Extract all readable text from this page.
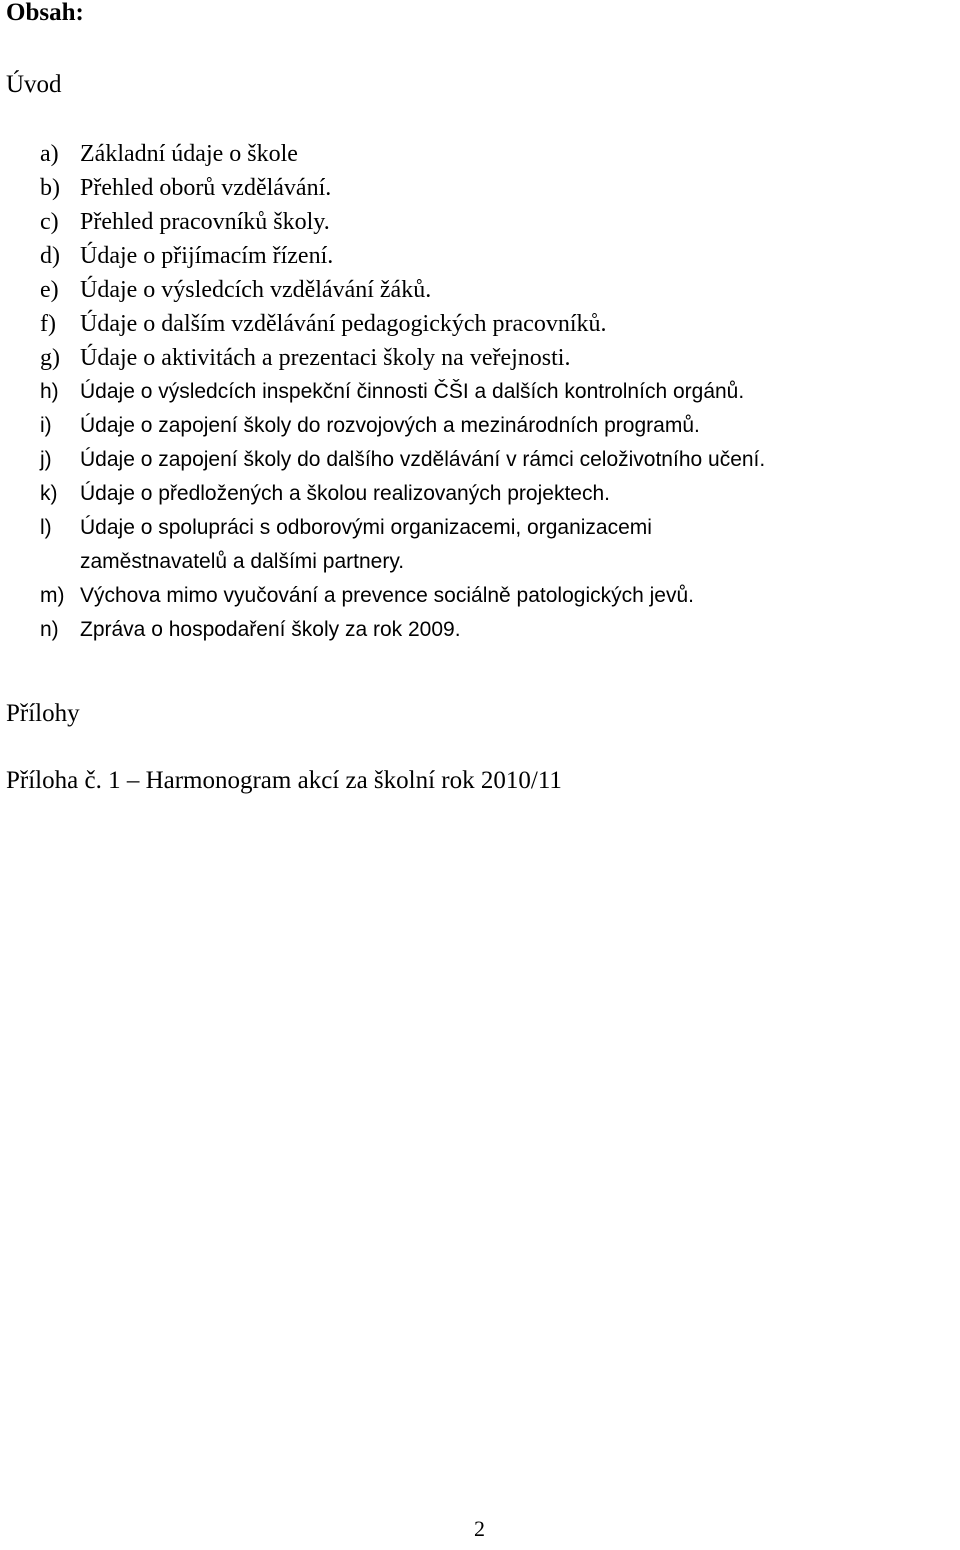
Obsah:
Úvod
a) Základní údaje o škole
b) Přehled oborů vzdělávání.
c) Přehled pracovníků školy.
d) Údaje o přijímacím řízení.
e) Údaje o výsledcích vzdělávání žáků.
f) Údaje o dalším vzdělávání pedagogických pracovníků.
g) Údaje o aktivitách a prezentaci školy na veřejnosti.
h) Údaje o výsledcích inspekční činnosti ČŠI a dalších kontrolních orgánů.
i) Údaje o zapojení školy do rozvojových a mezinárodních programů.
j) Údaje o zapojení školy do dalšího vzdělávání v rámci celoživotního učení.
k) Údaje o předložených a školou realizovaných projektech.
l) Údaje o spolupráci s odborovými organizacemi, organizacemi
zaměstnavatelů a dalšími partnery.
m) Výchova mimo vyučování a prevence sociálně patologických jevů.
n) Zpráva o hospodaření školy za rok 2009.
Přílohy
Příloha č. 1 – Harmonogram akcí za školní rok 2010/11
2
